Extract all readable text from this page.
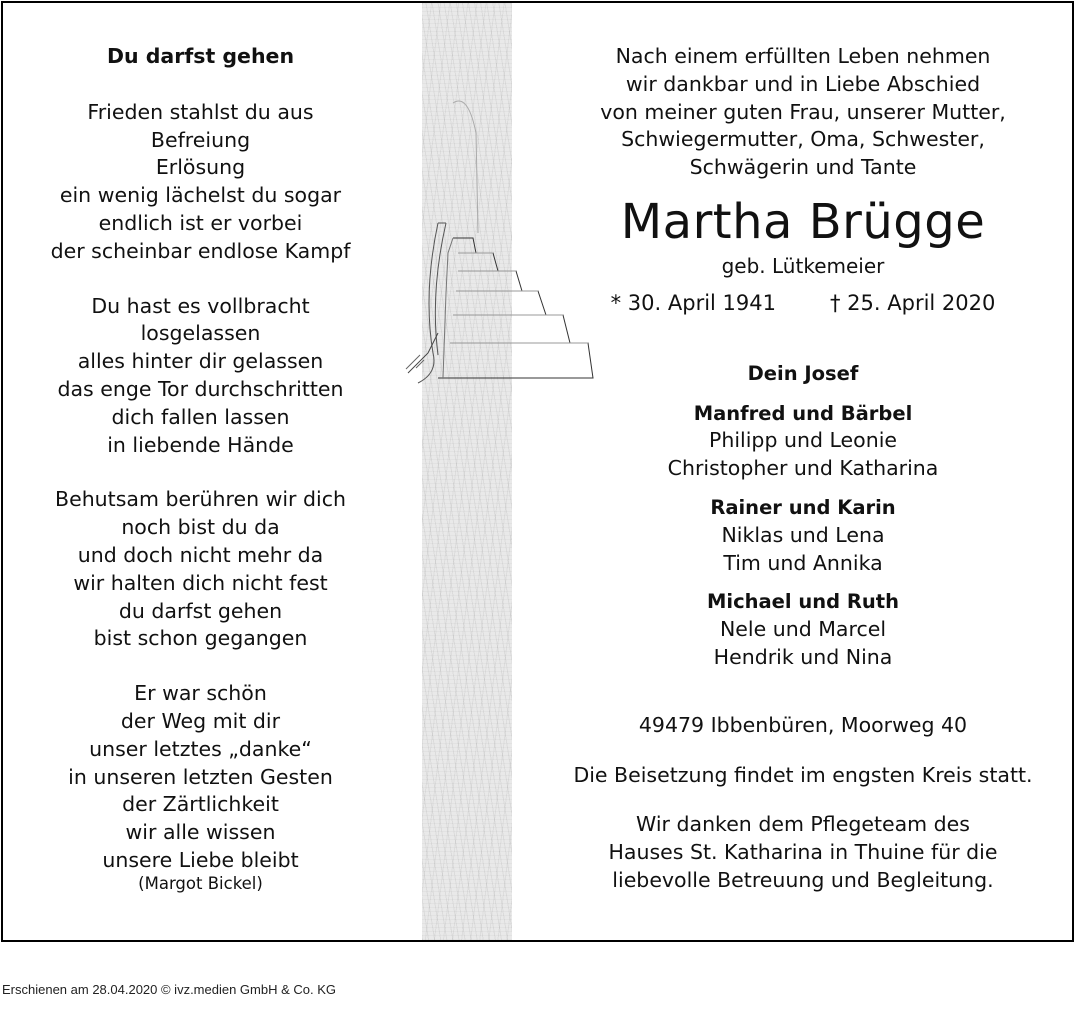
Du darfst gehen
Frieden stahlst du aus
Befreiung
Erlösung
ein wenig lächelst du sogar
endlich ist er vorbei
der scheinbar endlose Kampf
Du hast es vollbracht
losgelassen
alles hinter dir gelassen
das enge Tor durchschritten
dich fallen lassen
in liebende Hände
Behutsam berühren wir dich
noch bist du da
und doch nicht mehr da
wir halten dich nicht fest
du darfst gehen
bist schon gegangen
Er war schön
der Weg mit dir
unser letztes „danke“
in unseren letzten Gesten
der Zärtlichkeit
wir alle wissen
unsere Liebe bleibt
(Margot Bickel)
Nach einem erfüllten Leben nehmen
wir dankbar und in Liebe Abschied
von meiner guten Frau, unserer Mutter,
Schwiegermutter, Oma, Schwester,
Schwägerin und Tante
Martha Brügge
geb. Lütkemeier
* 30. April 1941	† 25. April 2020
Dein Josef
Manfred und Bärbel
Philipp und Leonie
Christopher und Katharina
Rainer und Karin
Niklas und Lena
Tim und Annika
Michael und Ruth
Nele und Marcel
Hendrik und Nina
49479 Ibbenbüren, Moorweg 40
Die Beisetzung findet im engsten Kreis statt.
Wir danken dem Pflegeteam des
Hauses St. Katharina in Thuine für die
liebevolle Betreuung und Begleitung.
Erschienen am 28.04.2020 © ivz.medien GmbH & Co. KG
